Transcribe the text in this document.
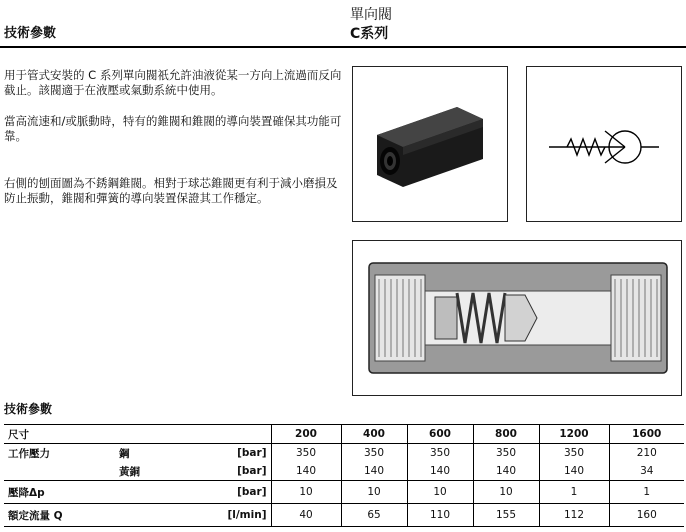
技術參數
單向閥
C系列
用于管式安裝的 C 系列單向閥祇允許油液從某一方向上流過而反向截止。該閥適于在液壓或氣動系統中使用。
當高流速和/或脈動時，特有的錐閥和錐閥的導向裝置確保其功能可靠。
右側的刨面圖為不銹鋼錐閥。相對于球芯錐閥更有利于減小磨損及防止振動，錐閥和彈簧的導向裝置保證其工作穩定。
技術參數
尺寸			200	400	600	800	1200	1600
工作壓力	鋼	[bar]	350	350	350	350	350	210
	黃銅	[bar]	140	140	140	140	140	34
壓降Δp		[bar]	10	10	10	10	1	1
額定流量 Q		[l/min]	40	65	110	155	112	160
